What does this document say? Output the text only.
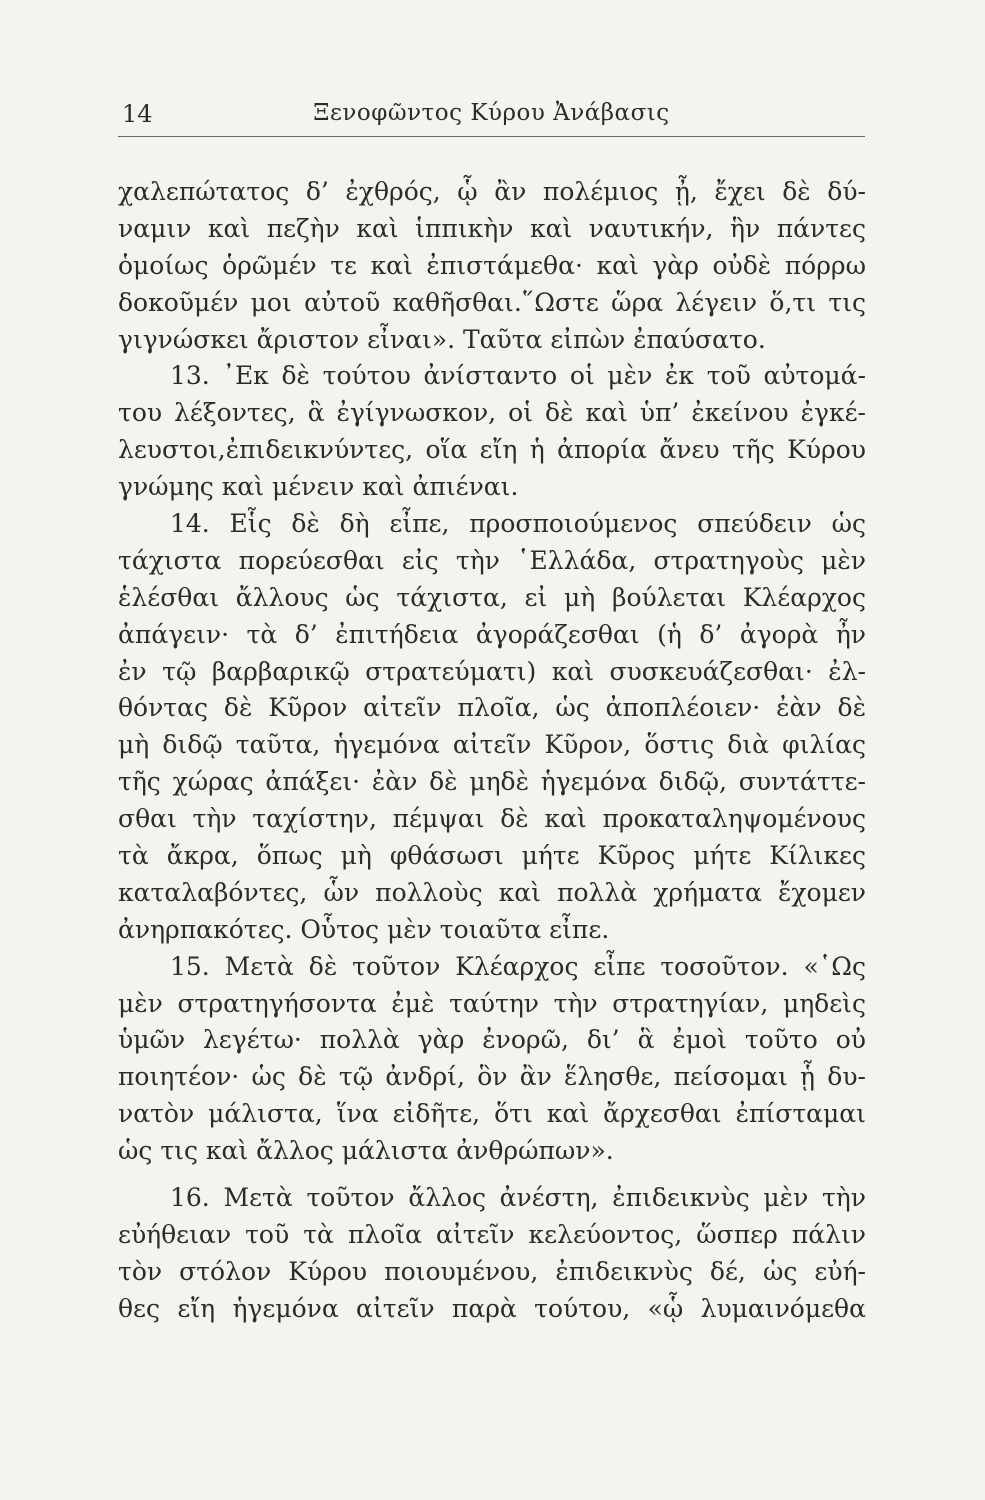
14	Ξενοφῶντος Κύρου Ἀνάβασις
χαλεπώτατος δ’ ἐχθρός, ᾧ ἂν πολέμιος ᾖ, ἔχει δὲ δύ-
ναμιν καὶ πεζὴν καὶ ἱππικὴν καὶ ναυτικήν, ἣν πάντες
ὁμοίως ὁρῶμέν τε καὶ ἐπιστάμεθα· καὶ γὰρ οὐδὲ πόρρω
δοκοῦμέν μοι αὐτοῦ καθῆσθαι.῞Ωστε ὥρα λέγειν ὅ,τι τις
γιγνώσκει ἄριστον εἶναι». Ταῦτα εἰπὼν ἐπαύσατο.
13. ᾿Εκ δὲ τούτου ἀνίσταντο οἱ μὲν ἐκ τοῦ αὐτομά-
του λέξοντες, ἃ ἐγίγνωσκον, οἱ δὲ καὶ ὑπ’ ἐκείνου ἐγκέ-
λευστοι,ἐπιδεικνύντες, οἵα εἴη ἡ ἀπορία ἄνευ τῆς Κύρου
γνώμης καὶ μένειν καὶ ἀπιέναι.
14. Εἷς δὲ δὴ εἶπε, προσποιούμενος σπεύδειν ὡς
τάχιστα πορεύεσθαι εἰς τὴν ῾Ελλάδα, στρατηγοὺς μὲν
ἑλέσθαι ἄλλους ὡς τάχιστα, εἰ μὴ βούλεται Κλέαρχος
ἀπάγειν· τὰ δ’ ἐπιτήδεια ἀγοράζεσθαι (ἡ δ’ ἀγορὰ ἦν
ἐν τῷ βαρβαρικῷ στρατεύματι) καὶ συσκευάζεσθαι· ἐλ-
θόντας δὲ Κῦρον αἰτεῖν πλοῖα, ὡς ἀποπλέοιεν· ἐὰν δὲ
μὴ διδῷ ταῦτα, ἡγεμόνα αἰτεῖν Κῦρον, ὅστις διὰ φιλίας
τῆς χώρας ἀπάξει· ἐὰν δὲ μηδὲ ἡγεμόνα διδῷ, συντάττε-
σθαι τὴν ταχίστην, πέμψαι δὲ καὶ προκαταληψομένους
τὰ ἄκρα, ὅπως μὴ φθάσωσι μήτε Κῦρος μήτε Κίλικες
καταλαβόντες, ὧν πολλοὺς καὶ πολλὰ χρήματα ἔχομεν
ἀνηρπακότες. Οὗτος μὲν τοιαῦτα εἶπε.
15. Μετὰ δὲ τοῦτον Κλέαρχος εἶπε τοσοῦτον. «῾Ως
μὲν στρατηγήσοντα ἐμὲ ταύτην τὴν στρατηγίαν, μηδεὶς
ὑμῶν λεγέτω· πολλὰ γὰρ ἐνορῶ, δι’ ἃ ἐμοὶ τοῦτο οὐ
ποιητέον· ὡς δὲ τῷ ἀνδρί, ὃν ἂν ἕλησθε, πείσομαι ᾗ δυ-
νατὸν μάλιστα, ἵνα εἰδῆτε, ὅτι καὶ ἄρχεσθαι ἐπίσταμαι
ὡς τις καὶ ἄλλος μάλιστα ἀνθρώπων».
16. Μετὰ τοῦτον ἄλλος ἀνέστη, ἐπιδεικνὺς μὲν τὴν
εὐήθειαν τοῦ τὰ πλοῖα αἰτεῖν κελεύοντος, ὥσπερ πάλιν
τὸν στόλον Κύρου ποιουμένου, ἐπιδεικνὺς δέ, ὡς εὐή-
θες εἴη ἡγεμόνα αἰτεῖν παρὰ τούτου, «ᾧ λυμαινόμεθα
